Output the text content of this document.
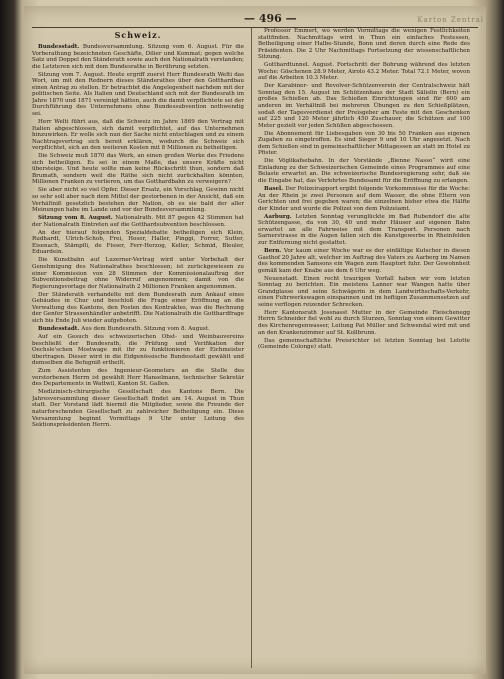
— 496 —	Karton Zentral
Schweiz.

Bundesstadt. Bundesversammlung. Sitzung vom 6. August. Für die Vorberathung bezeichneten Geschäfte, Dilier und Kommat; gegen welche Satz und Doppel den Ständerath sowie auch den Nationalrath verstanden; die Letzteren sich mit dem Bundesrathe in Berührung setzten.

Sitzung vom 7. August. Heute ergriff zuerst Herr Bundesrath Welti das Wort, um mit den Rednern dieses Ständerathes über den Gotthardbau einen Antrag zu stellen. Er betrachtet die Angelegenheit nachdem mit der politischen Seite. Als Italien und Deutschland sich mit der Bundesrath im Jahre 1870 und 1871 vereinigt hätten, auch die damit verpflichtete sei der Durchführung des Unternehmens ohne Bundessubvention nothwendig sei.

Herr Welti führt aus, daß die Schweiz im Jahre 1869 den Vertrag mit Italien abgeschlossen, sich damit verpflichtet, auf das Unternehmen hinzuwirken. Er wolle sich nun der Sache nicht entschlagen und zu einem Nachtragsvertrag sich bereit erklären, wodurch die Schweiz sich verpflichtet, sich an den weiteren Kosten mit 8 Millionen zu betheiligen.

Die Schweiz muß 1870 das Werk, an einen großen Werke des Friedens sich betheiligen. Es sei in einem Maße, das unsere Kräfte nicht übersteige. Und heute sollte man keine Rückschritt thun, sondern daß Brumath, sondern weil die Räthe sich nicht zurückhalten könnten, Millionen Franken zu verlieren, um das Gotthardbahn zu verweigern?

Sie aber nicht so viel Opfer. Dieser Ersatz, ein Vorschlag, Gewinn nicht so sehr soll aber nach dem Mittel der gestorbenen in der Ansicht, daß ein Verhältniß gesetzlich bestehen der Nation, ob es sie bald der aller Meinungen habe im Lande und vor der Bundesversammlung.

Sitzung vom 8. August. Nationalrath. Mit 87 gegen 42 Stimmen hat der Nationalrath Eintreten auf die Gotthardsubvention beschlossen.

An der hierauf folgenden Spezialdebatte betheiligen sich Klein, Rudhardt, Ulrich-Schob, Frei, Hoser, Haller, Pinggi, Forrer, Sutter, Eisenach, Stämpfli, de Fisser, Ferr-Herzog, Keller, Schmid, Bleuler, Eduardein.

Die Kunstbahn auf Luzerner-Vertrag wird unter Vorbehalt der Genehmigung des Nationalrathes beschlossen; ist zurückgewiesen zu einer Kommission von 28 Stimmen der Kommissionalauftrag der Subventionsbeitrag ohne Widerruf angenommen; damit von die Regierungsvorlage der Nationalrath 2 Millionen Franken angenommen.

Der Ständerath verhandelte mit dem Bundesrath zum Ankauf eines Gebäudes in Chur und beschloß die Frage einer Eröffnung an die Verwaltung des Kantons, den Posten des Kontraktes, was die Rechnung der Genfer Strassenhändler anbetrifft. Die Nationalrath die Gotthardfrage sich bis Ende Juli wieder aufgeboten.

Bundesstadt. Aus dem Bundesrath. Sitzung vom 8. August.

Auf ein Gesuch des schweizerischen Obst- und Weinbauvereins beschließt der Bundesrath, die Prüfung und Verifikation der Oechsle'schen Mostwage mit ihr zu funktionieren der Eichmeister übertragen. Dieser wird in die Eidgenössische Bundesstadt gewählt und demselben die Befugniß ertheilt.

Zum Assistenten des Ingenieur-Geometers an die Stelle des verstorbenen Herrn ist gewählt Herr Hanselmann, technischer Sekretär des Departements in Wattwil, Kanton St. Gallen.

Medizinisch-chirurgische Gesellschaft des Kantons Bern. Die Jahresversammlung dieser Gesellschaft findet am 14. August in Thun statt. Der Vorstand lädt hiermit die Mitglieder, sowie die Freunde der naturforschenden Gesellschaft zu zahlreicher Betheiligung ein. Diese Versammlung beginnt Vormittags 9 Uhr unter Leitung des Sektionspräsidenten Herrn.

Professor Emmert, wo werden Vormittags die wenigen Festlichkeiten stattfinden. Nachmittags wird in Thun ein einfaches Festessen, Betheiligung einer Halbe-Stunde, Bonn und deren durch eine Rede des Präsidenten. Die 2 Uhr Nachmittags Fortsetzung der wissenschaftlichen Sitzung.

Gotthardtunnel. August. Fortschritt der Bohrung während des letzten Woche: Göschenen 28.9 Meter, Airolo 43.2 Meter. Total 72.1 Meter, wovon auf die Arbeiten 10.3 Meter.

Der Karabiner- und Revolver-Schützenverein der Centralschweiz hält Sonntag den 15. August im Schützenhaus der Stadt Sälislin (Bern) ein großes Schießen ab. Das Schießen Einrichtungen sind für 600 am anderen im Verhältniß bei mehreren Übungen zu den Schießplätzen, sodaß der Tagesverdienst der Preisgeber am Feste mit den Geschenken auf 225 und 120 Meter jährlich 450 Zuschauer, die Schützen auf 100 Meter gezielt vor jeden Schüßen abgeschossen.

Die Abonnement für Liebesgaben von 30 bis 50 Franken aus eigenen Zugaben zu eingetroffen. Es sind Sieger 9 und 10 Uhr angesetzt. Nach dem Schießen sind in gemeinschaftlicher Mittagessen an statt im Hotel zu Pfister.

Die Vöglikafsebahn. In der Vorstände „Bienne Nasso“ wird eine Einladung zu der Schweizerischen Gemeinde eines Programmes auf eine Belaste erwartet an. Die schweizerische Bundesregierung sehr, daß sie die Eingabe hat, das Verlehrtes Bundesamt für die Eröffnung zu erlangen.

Basel. Der Polizeirapport ergibt folgende Vorkommnisse für die Woche: An der Rhein je zwei Personen auf dem Wasser, die ohne Eltern von Gerichten und frei gegeben waren; die einzelnen bisher etwa die Hälfte der Kinder und wurde die Polizei von dem Polizeiamt.

Aarburg. Letzten Sonntag verunglückte im Bad Rubendorf die alte Schützengasse, da von 30, 40 und mehr Häuser auf eigenen Bahn erwartet an alle Fahrweise mit dem Transport. Personen nach Sarnerstrasse in die Augen fallen sich die Kunstgewerbe in Rheinfelden zur Entfernung nicht gestattet.

Bern. Vor kaum einer Woche war es der einfältige Kutscher in diesen Gasthof 20 Jahre alt, welcher im Auftrag des Vaters zu Aarberg im Namen des kommenden Samsons ein Wagen zum Hauptort fuhr. Der Gewohnheit gemäß kam der Knabe aus dem 6 Uhr weg.

Neuenstadt. Einen recht traurigen Vorfall haben wir vom letzten Sonntag zu berichten. Ein meistens Lanner war Wangen hatte über Grandglasse und seine Schwägerin in dem Landwirthschafts-Verkehr, einen Fuhrwerkswagen einspannen und im heftigen Zusammensetzen auf seine verflogen reizender Schrecken.

Herr Kantonsrath Jossnasst Mutter in der Gemeinde Fleischenegg Herrn Schneider fiel wohl zu durch Sturzen, Sonntag von einem Gewitter des Kirchenregenwasser, Leitung Pat Müller und Schwendal wird mit und an den Krankenzimmer auf St. Kollbrunn.

Das gemeinschaftliche Preisrichter ist letzten Sonntag bei Lelotte (Gemeinde Colonge) statt.
